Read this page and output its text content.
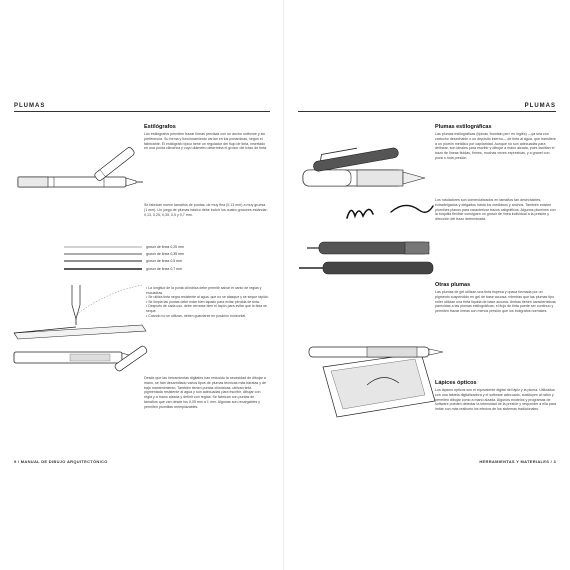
PLUMAS
Estilógrafos

Los estilógrafos permiten trazar líneas precisas con un ancho uniforme y sin preferencia. Su forma y funcionamiento varían en los portaminas, según el fabricante. El estilógrafo típico tiene un regulador del flujo de tinta, insertado en una punta cilíndrica y cuyo diámetro determina el grosor del trazo de tinta.

Se fabrican nueve tamaños de puntas, de muy fina (0,13 mm) a muy gruesa (1 mm). Un juego de plumas básico debe incluir los cuatro grosores estándar: 0,13, 0,25, 0,35, 0,5 y 0,7 mm.

grosor de línea 0,25 mm
grosor de línea 0,35 mm
grosor de línea 0,5 mm
grosor de línea 0,7 mm
• La longitud de la punta cilíndrica debe permitir salvar el canto de reglas y escuadras.
• Se utiliza tinta negra resistente al agua, que no se atasque y se seque rápido.
• Se limpia las puntas debe estar bien tapado para evitar pérdida de tinta.
• Después de cada uso, debe cerrarse bien el tapón para evitar que la tinta se seque.
• Cuando no se utilizan, deben guardarse en posición horizontal.

Desde que las herramientas digitales han reducido la necesidad de dibujar a mano, se han desarrollado varios tipos de plumas técnicas más baratas y de bajo mantenimiento. También tienen puntas cilíndricas, utilizan tinta pigmentada resistente al agua y son adecuadas para escribir, dibujar con regla y a mano alzada y definir con reglas. Se fabrican con puntas de tamaños que van desde los 0,05 mm a 1 mm. Algunas son recargables y permiten plumillas reemplazables.

9 / MANUAL DE DIBUJO ARQUITECTÓNICO
PLUMAS
Plumas estilográficas

Las plumas estilográficas (típicas ‘fountain pen’ en inglés) —ya sea con cartucho desechable o un depósito interno— de tinta al agua, que transfiere a un plumín metálico por capilaridad. Aunque no son adecuadas para delinear, son ideales para escribir y dibujar a mano alzada, pues facilitan el trazo de líneas fluidas, firmes, muchas veces expresivas, y a granel con poca o nula presión.

Los rotuladores son comercializados en tamaños tan desechables, extradelgados y delgados hasta los medianos y anchos. También existen plumines planos para caracterizar trazos caligráficos. Algunos plumines con la boquilla flexible consiguen un grosor de línea individual a la presión y dirección del trazo determinada.

Otras plumas

Las plumas de gel utilizan una tinta espesa y opaca formada por un pigmento suspendido en gel de base acuosa, mientras que las plumas tipo roller utilizan una tinta líquida de base acuosa. Ambas tienen características parecidas a las plumas estilográficas; el flujo de tinta puede ser continuo y permiten trazar líneas con menos presión que los bolígrafos normales.

Lápices ópticos

Los lápices ópticos son el equivalente digital del lápiz y la pluma. Utilizados con una tableta digitalizadora y el software adecuado, sustituyen al ratón y permiten dibujar como a mano alzada. Algunos modelos y programas de software pueden detectar la intensidad de la presión y responder a ella para imitar con más realismo los efectos de los sistemas tradicionales.

HERRAMIENTAS Y MATERIALES / 3
